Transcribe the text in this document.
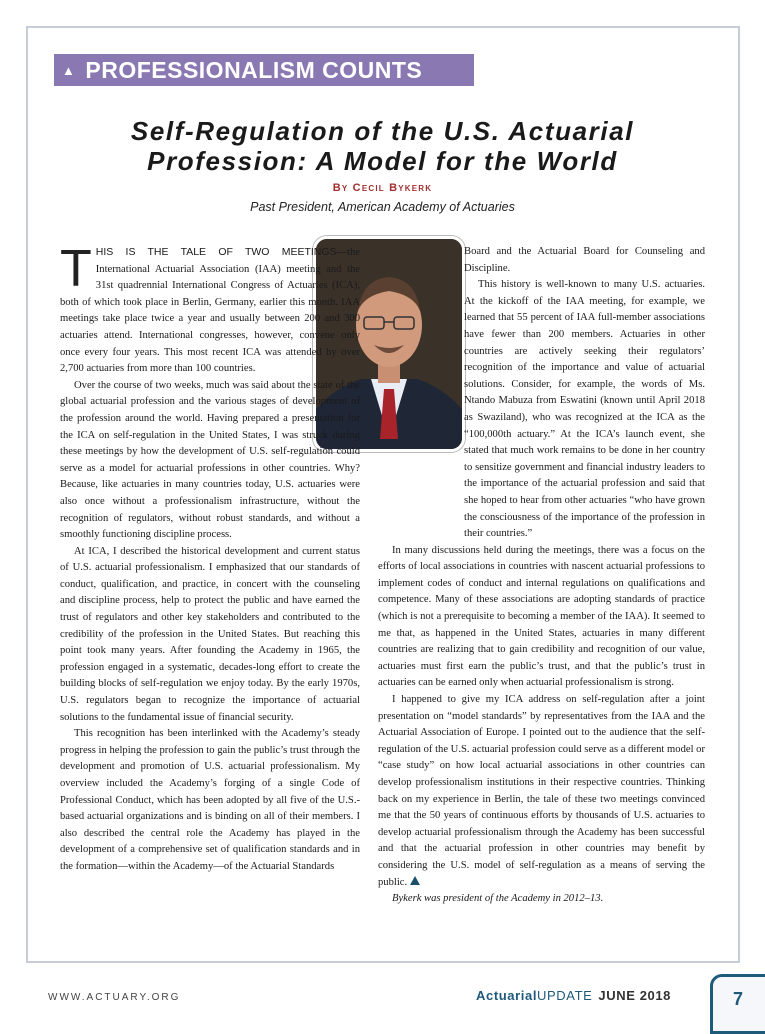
▲ PROFESSIONALISM COUNTS
Self-Regulation of the U.S. Actuarial
Profession: A Model for the World
By Cecil Bykerk
Past President, American Academy of Actuaries

THIS IS THE TALE OF TWO MEETINGS—the International Actuarial Association (IAA) meeting and the 31st quadrennial International Congress of Actuaries (ICA), both of which took place in Berlin, Germany, earlier this month. IAA meetings take place twice a year and usually between 200 and 300 actuaries attend. International congresses, however, convene only once every four years. This most recent ICA was attended by over 2,700 actuaries from more than 100 countries.

Over the course of two weeks, much was said about the state of the global actuarial profession and the various stages of development of the profession around the world. Having prepared a presentation for the ICA on self-regulation in the United States, I was struck during these meetings by how the development of U.S. self-regulation could serve as a model for actuarial professions in other countries. Why? Because, like actuaries in many countries today, U.S. actuaries were also once without a professionalism infrastructure, without the recognition of regulators, without robust standards, and without a smoothly functioning discipline process.

At ICA, I described the historical development and current status of U.S. actuarial professionalism. I emphasized that our standards of conduct, qualification, and practice, in concert with the counseling and discipline process, help to protect the public and have earned the trust of regulators and other key stakeholders and contributed to the credibility of the profession in the United States. But reaching this point took many years. After founding the Academy in 1965, the profession engaged in a systematic, decades-long effort to create the building blocks of self-regulation we enjoy today. By the early 1970s, U.S. regulators began to recognize the importance of actuarial solutions to the fundamental issue of financial security.

This recognition has been interlinked with the Academy’s steady progress in helping the profession to gain the public’s trust through the development and promotion of U.S. actuarial professionalism. My overview included the Academy’s forging of a single Code of Professional Conduct, which has been adopted by all five of the U.S.-based actuarial organizations and is binding on all of their members. I also described the central role the Academy has played in the development of a comprehensive set of qualification standards and in the formation—within the Academy—of the Actuarial Standards

Board and the Actuarial Board for Counseling and Discipline.

This history is well-known to many U.S. actuaries. At the kickoff of the IAA meeting, for example, we learned that 55 percent of IAA full-member associations have fewer than 200 members. Actuaries in other countries are actively seeking their regulators’ recognition of the importance and value of actuarial solutions. Consider, for example, the words of Ms. Ntando Mabuza from Eswatini (known until April 2018 as Swaziland), who was recognized at the ICA as the “100,000th actuary.” At the ICA’s launch event, she stated that much work remains to be done in her country to sensitize government and financial industry leaders to the importance of the actuarial profession and said that she hoped to hear from other actuaries “who have grown the consciousness of the importance of the profession in their countries.”

In many discussions held during the meetings, there was a focus on the efforts of local associations in countries with nascent actuarial professions to implement codes of conduct and internal regulations on qualifications and competence. Many of these associations are adopting standards of practice (which is not a prerequisite to becoming a member of the IAA). It seemed to me that, as happened in the United States, actuaries in many different countries are realizing that to gain credibility and recognition of our value, actuaries must first earn the public’s trust, and that the public’s trust in actuaries can be earned only when actuarial professionalism is strong.

I happened to give my ICA address on self-regulation after a joint presentation on “model standards” by representatives from the IAA and the Actuarial Association of Europe. I pointed out to the audience that the self-regulation of the U.S. actuarial profession could serve as a different model or “case study” on how local actuarial associations in other countries can develop professionalism institutions in their respective countries. Thinking back on my experience in Berlin, the tale of these two meetings convinced me that the 50 years of continuous efforts by thousands of U.S. actuaries to develop actuarial professionalism through the Academy has been successful and that the actuarial profession in other countries may benefit by considering the U.S. model of self-regulation as a means of serving the public.

Bykerk was president of the Academy in 2012–13.

WWW.ACTUARY.ORG	ActuarialUPDATE JUNE 2018	7
